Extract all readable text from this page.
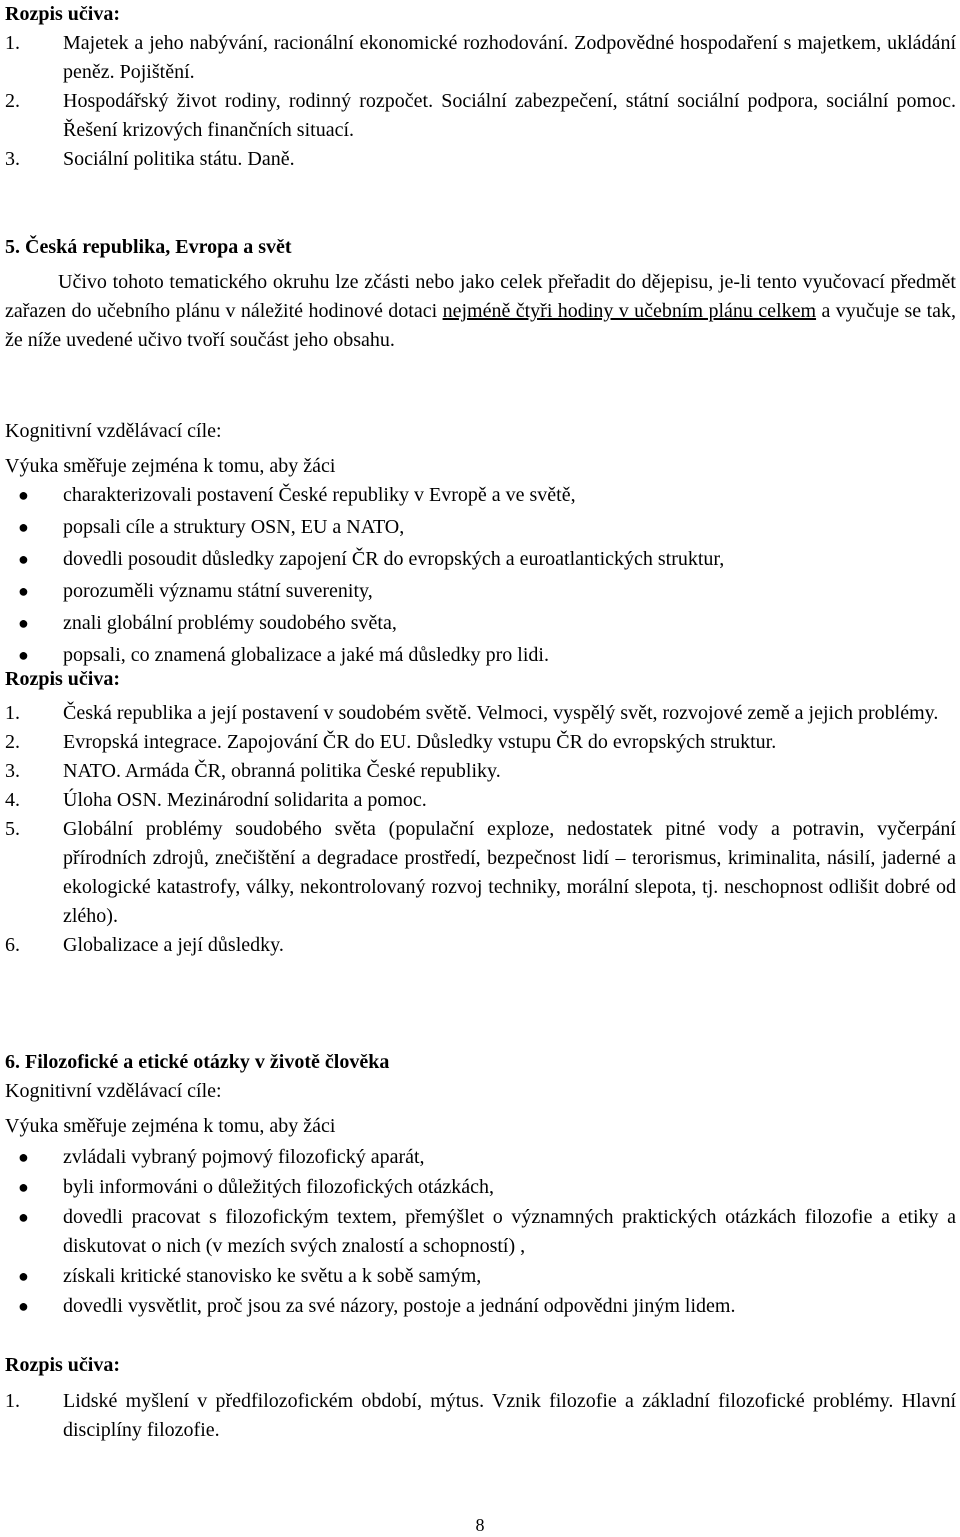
Rozpis učiva:
1. Majetek a jeho nabývání, racionální ekonomické rozhodování. Zodpovědné hospodaření s majetkem, ukládání peněz. Pojištění.
2. Hospodářský život rodiny, rodinný rozpočet. Sociální zabezpečení, státní sociální podpora, sociální pomoc. Řešení krizových finančních situací.
3. Sociální politika státu. Daně.
5. Česká republika, Evropa a svět
Učivo tohoto tematického okruhu lze zčásti nebo jako celek přeřadit do dějepisu, je-li tento vyučovací předmět zařazen do učebního plánu v náležité hodinové dotaci nejméně čtyři hodiny v učebním plánu celkem a vyučuje se tak, že níže uvedené učivo tvoří součást jeho obsahu.
Kognitivní vzdělávací cíle:
Výuka směřuje zejména k tomu, aby žáci
● charakterizovali postavení České republiky v Evropě a ve světě,
● popsali cíle a struktury OSN, EU a NATO,
● dovedli posoudit důsledky zapojení ČR do evropských a euroatlantických struktur,
● porozuměli významu státní suverenity,
● znali globální problémy soudobého světa,
● popsali, co znamená globalizace a jaké má důsledky pro lidi.
Rozpis učiva:
1. Česká republika a její postavení v soudobém světě. Velmoci, vyspělý svět, rozvojové země a jejich problémy.
2. Evropská integrace. Zapojování ČR do EU. Důsledky vstupu ČR do evropských struktur.
3. NATO. Armáda ČR, obranná politika České republiky.
4. Úloha OSN. Mezinárodní solidarita a pomoc.
5. Globální problémy soudobého světa (populační exploze, nedostatek pitné vody a potravin, vyčerpání přírodních zdrojů, znečištění a degradace prostředí, bezpečnost lidí – terorismus, kriminalita, násilí, jaderné a ekologické katastrofy, války, nekontrolovaný rozvoj techniky, morální slepota, tj. neschopnost odlišit dobré od zlého).
6. Globalizace a její důsledky.
6. Filozofické a etické otázky v životě člověka
Kognitivní vzdělávací cíle:
Výuka směřuje zejména k tomu, aby žáci
● zvládali vybraný pojmový filozofický aparát,
● byli informováni o důležitých filozofických otázkách,
● dovedli pracovat s filozofickým textem, přemýšlet o významných praktických otázkách filozofie a etiky a diskutovat o nich (v mezích svých znalostí a schopností) ,
● získali kritické stanovisko ke světu a k sobě samým,
● dovedli vysvětlit, proč jsou za své názory, postoje a jednání odpovědni jiným lidem.
Rozpis učiva:
1. Lidské myšlení v předfilozofickém období, mýtus. Vznik filozofie a základní filozofické problémy. Hlavní disciplíny filozofie.
8
